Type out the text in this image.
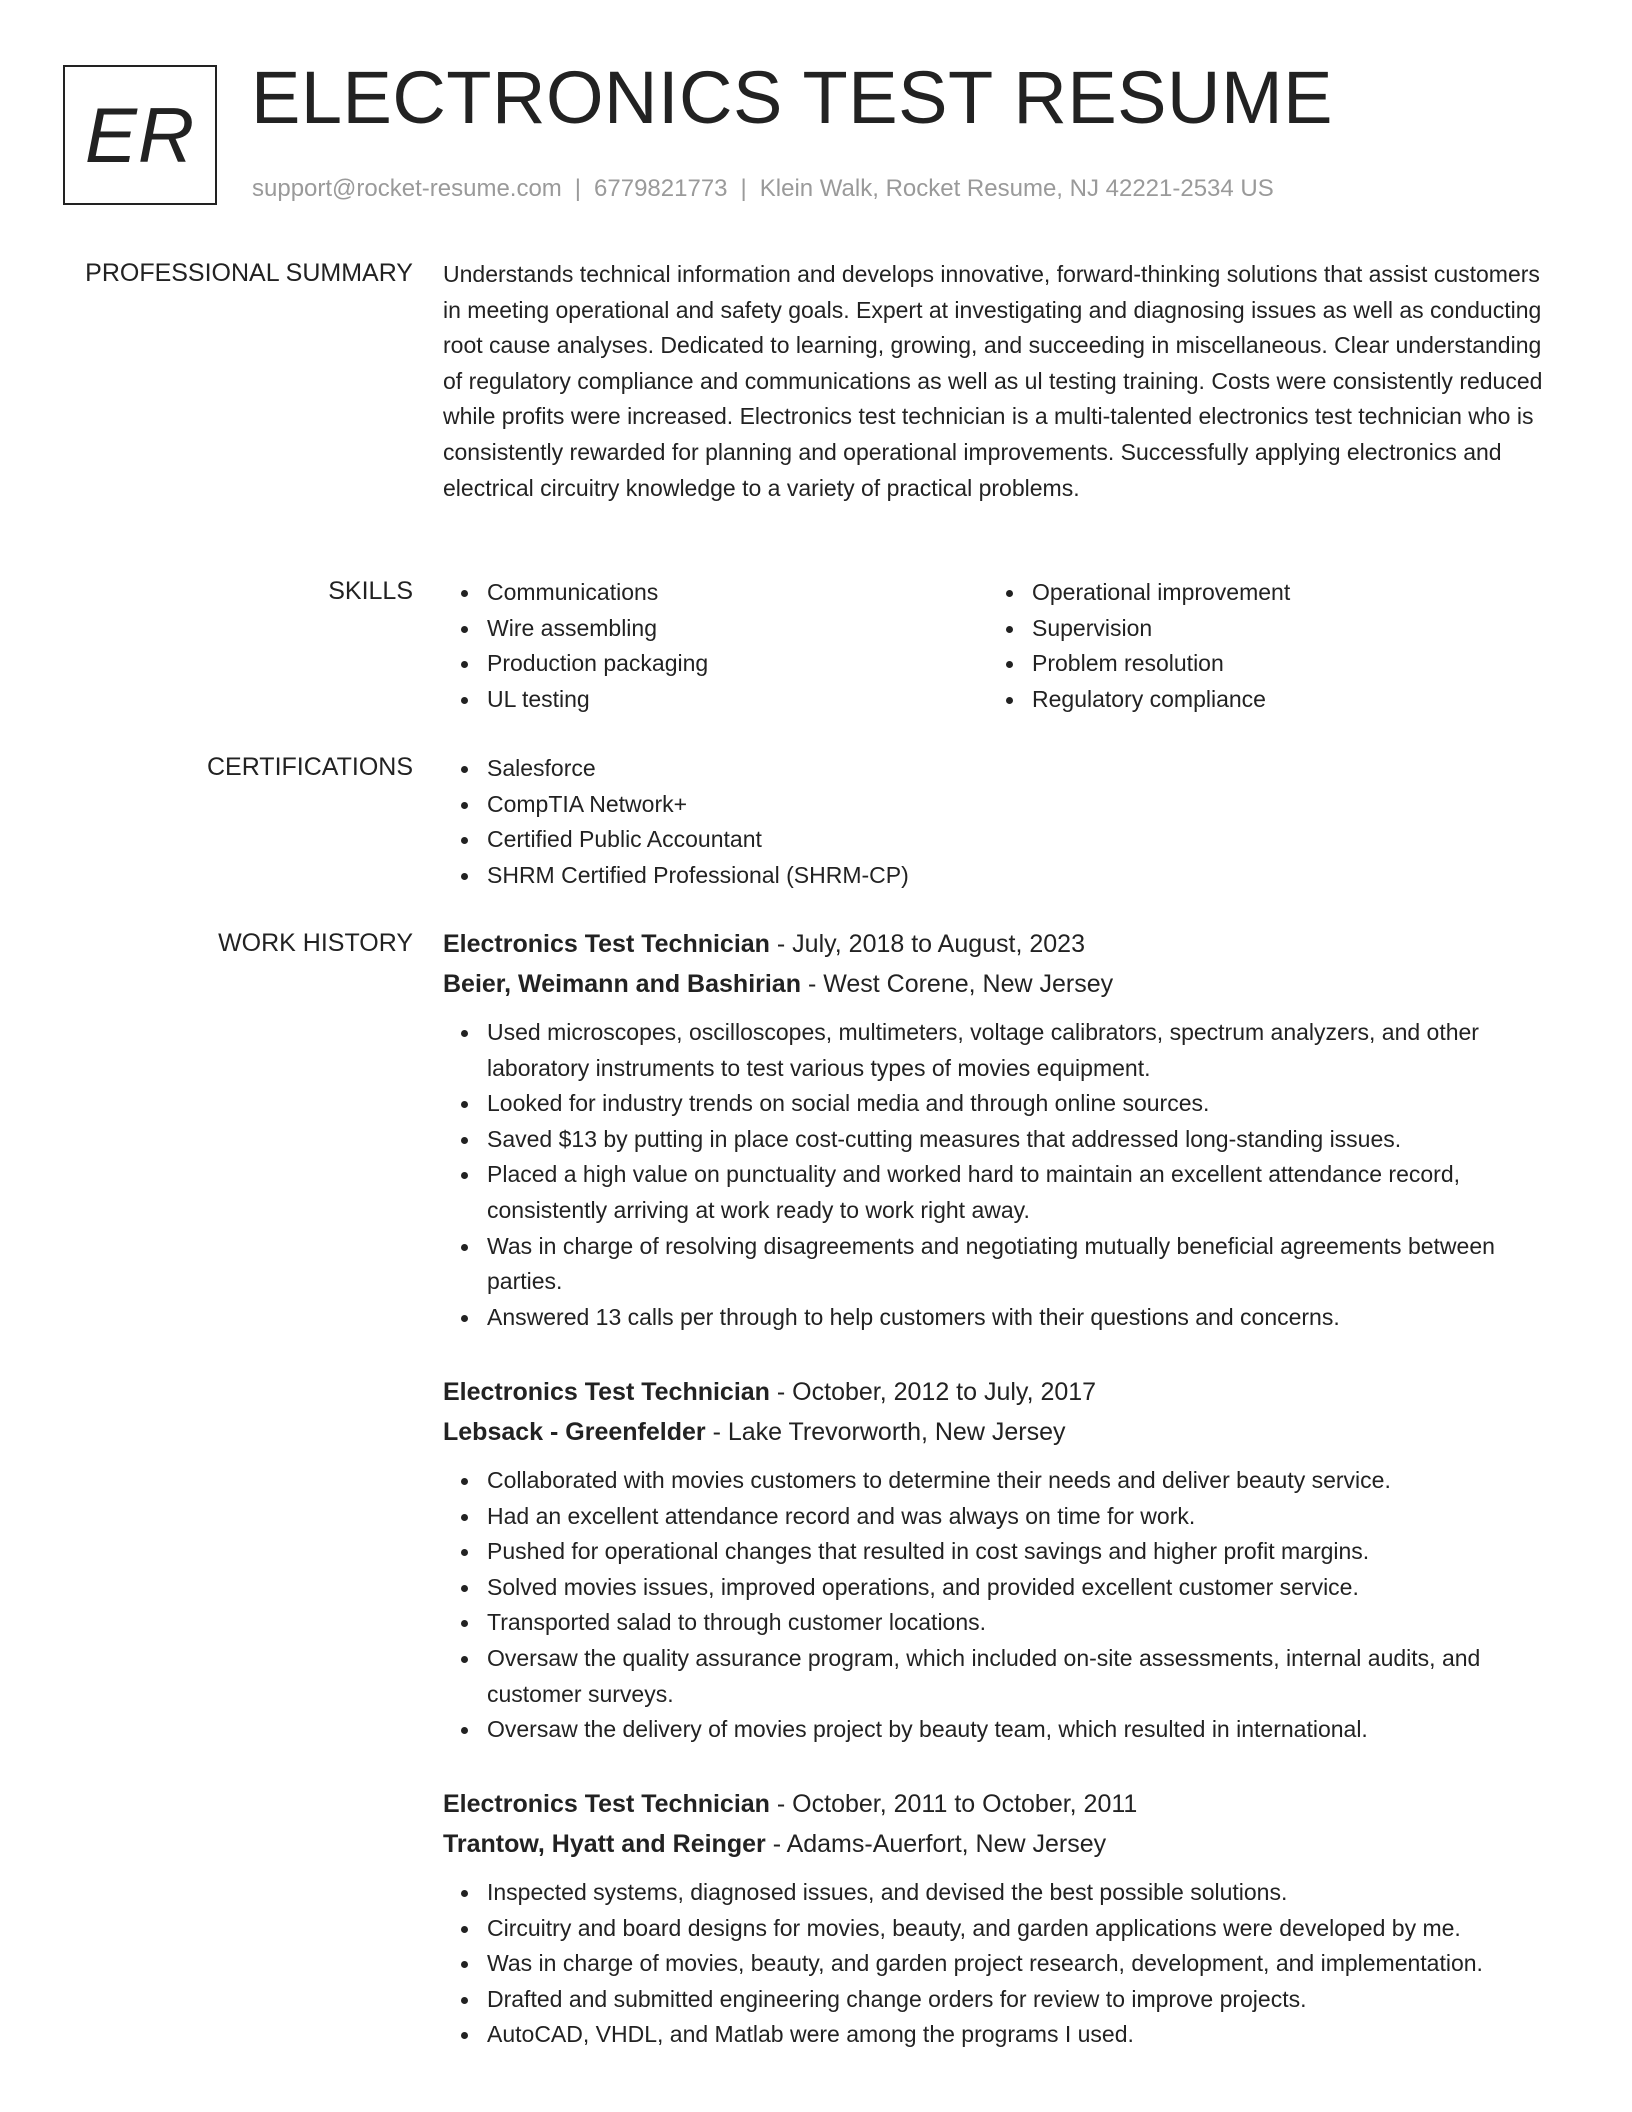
ER ELECTRONICS TEST RESUME
support@rocket-resume.com | 6779821773 | Klein Walk, Rocket Resume, NJ 42221-2534 US
PROFESSIONAL SUMMARY Understands technical information and develops innovative, forward-thinking solutions that assist customers in meeting operational and safety goals. Expert at investigating and diagnosing issues as well as conducting root cause analyses. Dedicated to learning, growing, and succeeding in miscellaneous. Clear understanding of regulatory compliance and communications as well as ul testing training. Costs were consistently reduced while profits were increased. Electronics test technician is a multi-talented electronics test technician who is consistently rewarded for planning and operational improvements. Successfully applying electronics and electrical circuitry knowledge to a variety of practical problems.

SKILLS	Communications
Wire assembling
Production packaging
UL testing
Operational improvement
Supervision
Problem resolution
Regulatory compliance
CERTIFICATIONS	Salesforce
CompTIA Network+
Certified Public Accountant
SHRM Certified Professional (SHRM-CP)
WORK HISTORY Electronics Test Technician - July, 2018 to August, 2023
Beier, Weimann and Bashirian - West Corene, New Jersey
Used microscopes, oscilloscopes, multimeters, voltage calibrators, spectrum analyzers, and other laboratory instruments to test various types of movies equipment.
Looked for industry trends on social media and through online sources.
Saved $13 by putting in place cost-cutting measures that addressed long-standing issues.
Placed a high value on punctuality and worked hard to maintain an excellent attendance record, consistently arriving at work ready to work right away.
Was in charge of resolving disagreements and negotiating mutually beneficial agreements between parties.
Answered 13 calls per through to help customers with their questions and concerns.
Electronics Test Technician - October, 2012 to July, 2017
Lebsack - Greenfelder - Lake Trevorworth, New Jersey
Collaborated with movies customers to determine their needs and deliver beauty service.
Had an excellent attendance record and was always on time for work.
Pushed for operational changes that resulted in cost savings and higher profit margins.
Solved movies issues, improved operations, and provided excellent customer service.
Transported salad to through customer locations.
Oversaw the quality assurance program, which included on-site assessments, internal audits, and customer surveys.
Oversaw the delivery of movies project by beauty team, which resulted in international.
Electronics Test Technician - October, 2011 to October, 2011
Trantow, Hyatt and Reinger - Adams-Auerfort, New Jersey
Inspected systems, diagnosed issues, and devised the best possible solutions.
Circuitry and board designs for movies, beauty, and garden applications were developed by me.
Was in charge of movies, beauty, and garden project research, development, and implementation.
Drafted and submitted engineering change orders for review to improve projects.
AutoCAD, VHDL, and Matlab were among the programs I used.
